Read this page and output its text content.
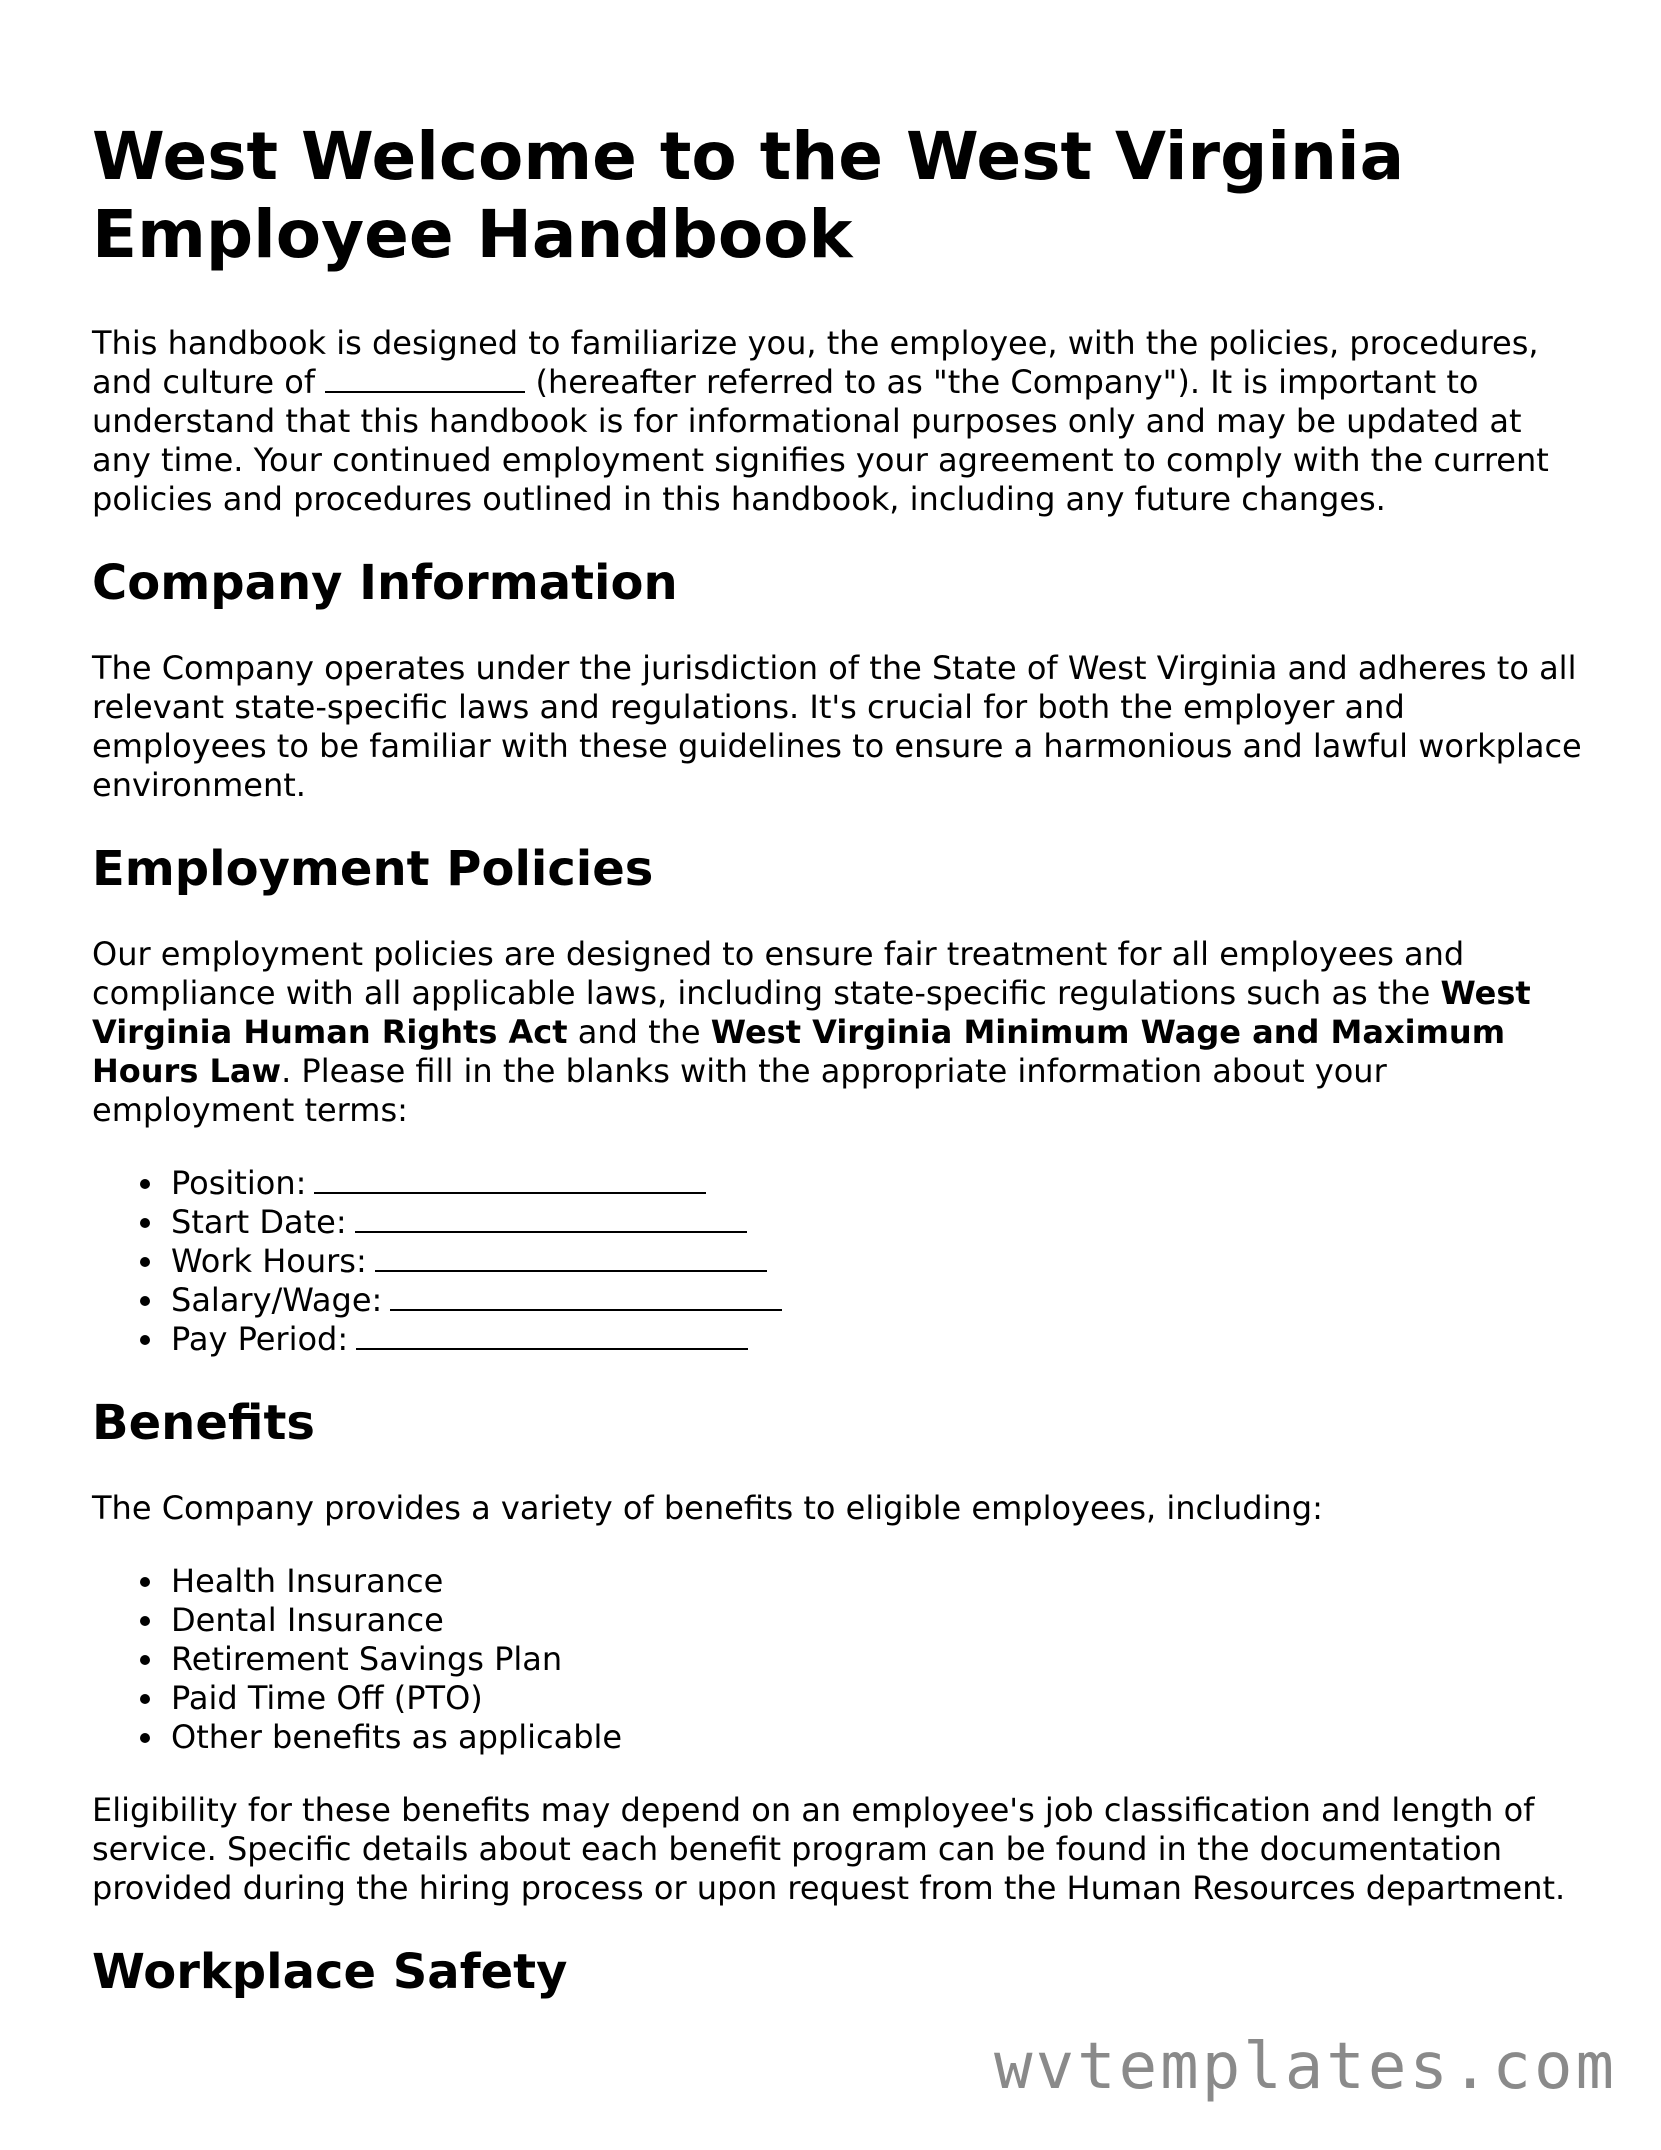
West Welcome to the West Virginia Employee Handbook

This handbook is designed to familiarize you, the employee, with the policies, procedures, and culture of	(hereafter referred to as "the Company"). It is important to understand that this handbook is for informational purposes only and may be updated at any time. Your continued employment signifies your agreement to comply with the current policies and procedures outlined in this handbook, including any future changes.

Company Information

The Company operates under the jurisdiction of the State of West Virginia and adheres to all relevant state-specific laws and regulations. It's crucial for both the employer and employees to be familiar with these guidelines to ensure a harmonious and lawful workplace environment.

Employment Policies

Our employment policies are designed to ensure fair treatment for all employees and compliance with all applicable laws, including state-specific regulations such as the West Virginia Human Rights Act and the West Virginia Minimum Wage and Maximum Hours Law. Please fill in the blanks with the appropriate information about your employment terms:

Position:
Start Date:
Work Hours:
Salary/Wage:
Pay Period:
Benefits

The Company provides a variety of benefits to eligible employees, including:

Health Insurance
Dental Insurance
Retirement Savings Plan
Paid Time Off (PTO)
Other benefits as applicable

Eligibility for these benefits may depend on an employee's job classification and length of service. Specific details about each benefit program can be found in the documentation provided during the hiring process or upon request from the Human Resources department.

Workplace Safety
wvtemplates.com
